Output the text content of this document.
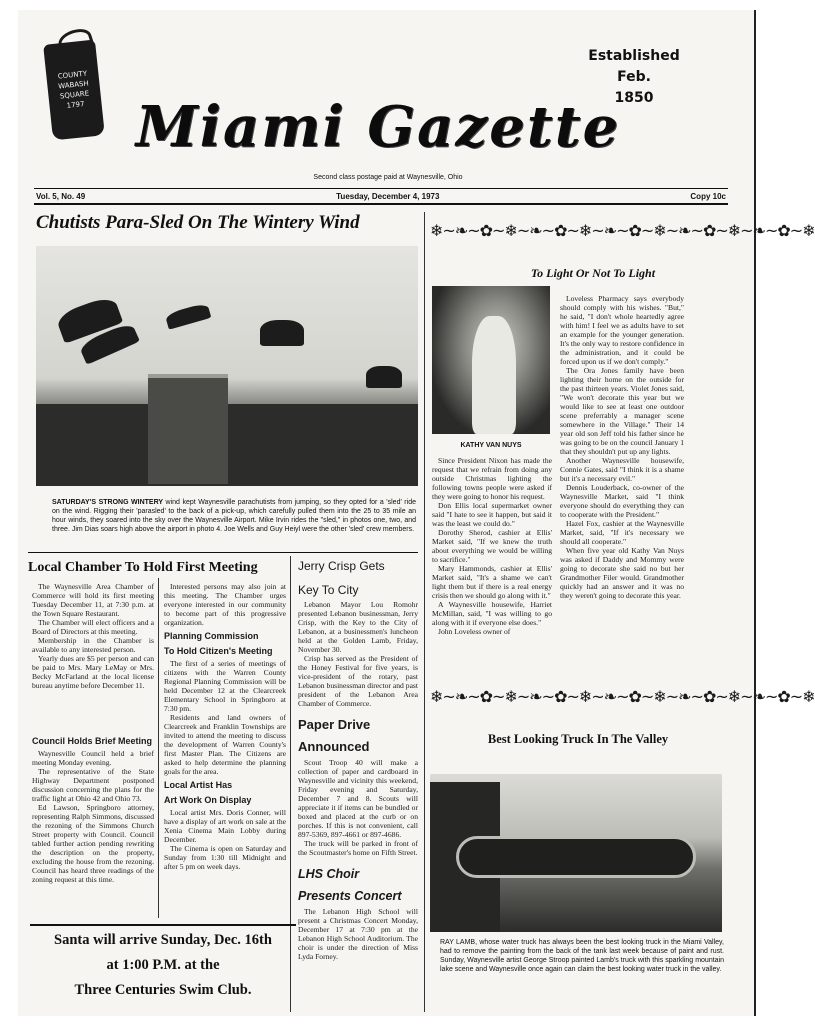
COUNTY
WABASH
SQUARE
1797
Established
Feb.
1850
Miami Gazette
Second class postage paid at Waynesville, Ohio
Vol. 5, No. 49	Tuesday, December 4, 1973	Copy 10c
Chutists Para-Sled On The Wintery Wind
SATURDAY'S STRONG WINTERY wind kept Waynesville parachutists from jumping, so they opted for a 'sled' ride on the wind. Rigging their 'parasled' to the back of a pick-up, which carefully pulled them into the 25 to 35 mile an hour winds, they soared into the sky over the Waynesville Airport. Mike Irvin rides the "sled," in photos one, two, and three. Jim Dias soars high above the airport in photo 4. Joe Wells and Guy Heiyl were the other 'sled' crew members.
Local Chamber To Hold First Meeting

The Waynesville Area Chamber of Commerce will hold its first meeting Tuesday December 11, at 7:30 p.m. at the Town Square Restaurant.

The Chamber will elect officers and a Board of Directors at this meeting.

Membership in the Chamber is available to any interested person.

Yearly dues are $5 per person and can be paid to Mrs. Mary LeMay or Mrs. Becky McFarland at the local license bureau anytime before December 11.

Council Holds Brief Meeting

Waynesville Council held a brief meeting Monday evening.

The representative of the State Highway Department postponed discussion concerning the plans for the traffic light at Ohio 42 and Ohio 73.

Ed Lawson, Springboro attorney, representing Ralph Simmons, discussed the rezoning of the Simmons Church Street property with Council. Council tabled further action pending rewriting the description on the property, excluding the house from the rezoning. Council has heard three readings of the zoning request at this time.

Interested persons may also join at this meeting. The Chamber urges everyone interested in our community to become part of this progressive organization.

Planning Commission
To Hold Citizen's Meeting

The first of a series of meetings of citizens with the Warren County Regional Planning Commission will be held December 12 at the Clearcreek Elementary School in Springboro at 7:30 pm.

Residents and land owners of Clearcreek and Franklin Townships are invited to attend the meeting to discuss the development of Warren County's first Master Plan. The Citizens are asked to help determine the planning goals for the area.

Local Artist Has
Art Work On Display

Local artist Mrs. Doris Conner, will have a display of art work on sale at the Xenia Cinema Main Lobby during December.

The Cinema is open on Saturday and Sunday from 1:30 till Midnight and after 5 pm on week days.

Santa will arrive Sunday, Dec. 16th
at 1:00 P.M. at the
Three Centuries Swim Club.
Jerry Crisp Gets
Key To City

Lebanon Mayor Lou Romohr presented Lebanon businessman, Jerry Crisp, with the Key to the City of Lebanon, at a businessmen's luncheon held at the Golden Lamb, Friday, November 30.

Crisp has served as the President of the Honey Festival for five years, is vice-president of the rotary, past Lebanon businessman director and past president of the Lebanon Area Chamber of Commerce.

Paper Drive
Announced

Scout Troop 40 will make a collection of paper and cardboard in Waynesville and vicinity this weekend, Friday evening and Saturday, December 7 and 8. Scouts will appreciate it if items can be bundled or boxed and placed at the curb or on porches. If this is not convenient, call 897-5369, 897-4661 or 897-4686.

The truck will be parked in front of the Scoutmaster's home on Fifth Street.

LHS Choir
Presents Concert

The Lebanon High School will present a Christmas Concert Monday, December 17 at 7:30 pm at the Lebanon High School Auditorium. The choir is under the direction of Miss Lyda Forney.

❄~❧~✿~❄~❧~✿~❄~❧~✿~❄~❧~✿~❄~❧~✿~❄
To Light Or Not To Light
KATHY VAN NUYS

Since President Nixon has made the request that we refrain from doing any outside Christmas lighting the following towns people were asked if they were going to honor his request.

Don Ellis local supermarket owner said "I hate to see it happen, but said it was the least we could do."

Dorothy Sherod, cashier at Ellis' Market said, "If we knew the truth about everything we would be willing to sacrifice."

Mary Hammonds, cashier at Ellis' Market said, "It's a shame we can't light them but if there is a real energy crisis then we should go along with it."

A Waynesville housewife, Harriet McMillan, said, "I was willing to go along with it if everyone else does."

John Loveless owner of

Loveless Pharmacy says everybody should comply with his wishes. "But," he said, "I don't whole heartedly agree with him! I feel we as adults have to set an example for the younger generation. It's the only way to restore confidence in the administration, and it could be forced upon us if we don't comply."

The Ora Jones family have been lighting their home on the outside for the past thirteen years. Violet Jones said, "We won't decorate this year but we would like to see at least one outdoor scene preferrably a manager scene somewhere in the Village." Their 14 year old son Jeff told his father since he was going to be on the council January 1 that they shouldn't put up any lights.

Another Waynesville housewife, Connie Gates, said "I think it is a shame but it's a necessary evil."

Dennis Louderback, co-owner of the Waynesville Market, said "I think everyone should do everything they can to cooperate with the President."

Hazel Fox, cashier at the Waynesville Market, said, "If it's necessary we should all cooperate."

When five year old Kathy Van Nuys was asked if Daddy and Mommy were going to decorate she said no but her Grandmother Filer would. Grandmother quickly had an answer and it was no they weren't going to decorate this year.

❄~❧~✿~❄~❧~✿~❄~❧~✿~❄~❧~✿~❄~❧~✿~❄
Best Looking Truck In The Valley
RAY LAMB, whose water truck has always been the best looking truck in the Miami Valley, had to remove the painting from the back of the tank last week because of paint and rust. Sunday, Waynesville artist George Stroop painted Lamb's truck with this sparkling mountain lake scene and Waynesville once again can claim the best looking water truck in the valley.
